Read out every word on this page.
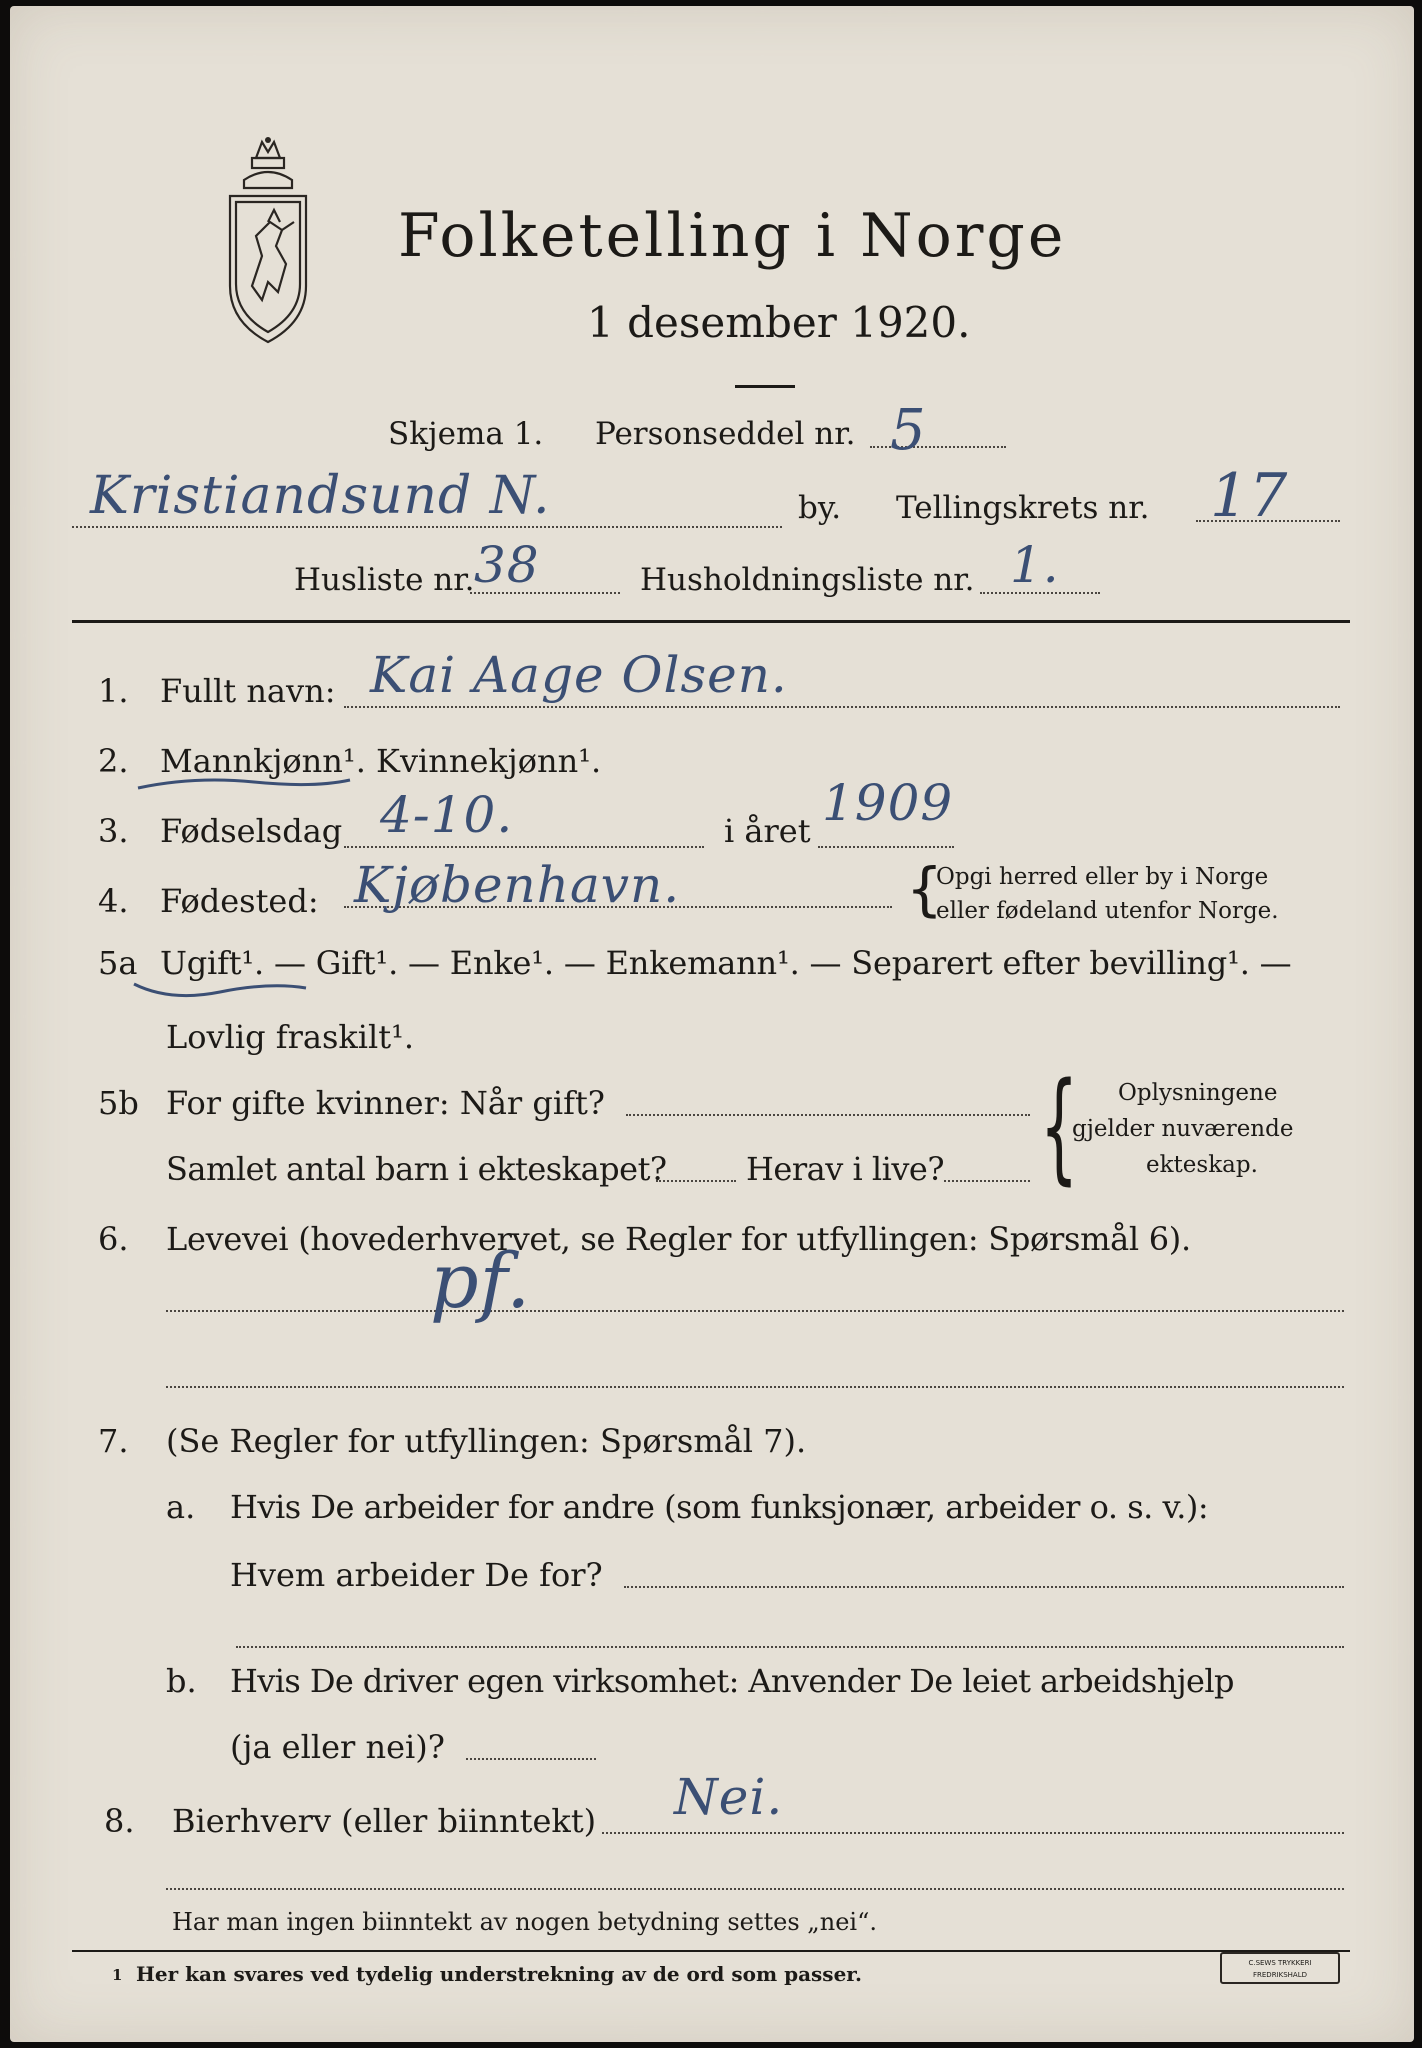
Folketelling i Norge
1 desember 1920.
Skjema 1. Personseddel nr. 5
Kristiandsund N.	by. Tellingskrets nr. 17
Husliste nr. 38	Husholdningsliste nr. 1.
1. Fullt navn: Kai Aage Olsen.
2. Mannkjønn¹. Kvinnekjønn¹.
3. Fødselsdag 4-10.	i året 1909
4. Fødested: Kjøbenhavn.	{
Opgi herred eller by i Norge
eller fødeland utenfor Norge.
5a Ugift¹. — Gift¹. — Enke¹. — Enkemann¹. — Separert efter bevilling¹. —
Lovlig fraskilt¹.
5b For gifte kvinner: Når gift?
Samlet antal barn i ekteskapet? Herav i live? { Oplysningene
gjelder nuværende
ekteskap.
6. Levevei (hovederhvervet, se Regler for utfyllingen: Spørsmål 6).
pf.
7. (Se Regler for utfyllingen: Spørsmål 7).
a. Hvis De arbeider for andre (som funksjonær, arbeider o. s. v.):
Hvem arbeider De for?
b. Hvis De driver egen virksomhet: Anvender De leiet arbeidshjelp
(ja eller nei)?
8. Bierhverv (eller biinntekt) Nei.
Har man ingen biinntekt av nogen betydning settes „nei“.
1 Her kan svares ved tydelig understrekning av de ord som passer.	C.SEWS TRYKKERI
FREDRIKSHALD
